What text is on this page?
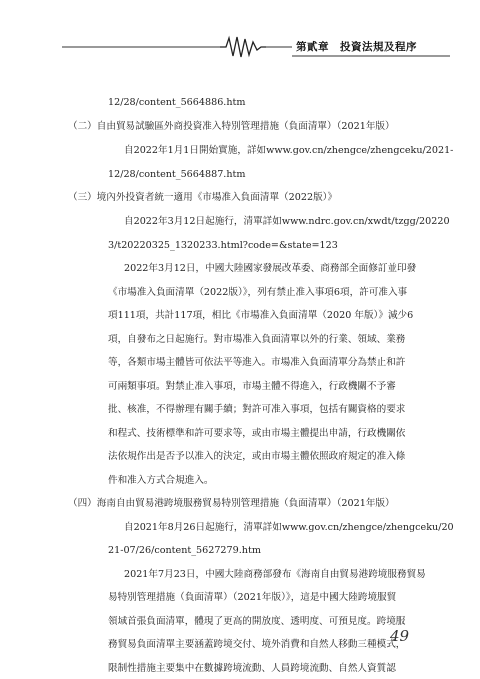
第貳章　投資法規及程序
12/28/content_5664886.htm
（二）自由貿易試驗區外商投資准入特別管理措施（負面清單）（2021年版）
自2022年1月1日開始實施，詳如www.gov.cn/zhengce/zhengceku/2021-
12/28/content_5664887.htm
（三）境內外投資者統一適用《市場准入負面清單（2022版）》
自2022年3月12日起施行，清單詳如www.ndrc.gov.cn/xwdt/tzgg/20220
3/t20220325_1320233.html?code=&state=123
2022年3月12日，中國大陸國家發展改革委、商務部全面修訂並印發
《市場准入負面清單（2022版）》，列有禁止准入事項6項，許可准入事
項111項，共計117項，相比《市場准入負面清單（2020 年版）》減少6
項，自發布之日起施行。對市場准入負面清單以外的行業、領域、業務
等，各類市場主體皆可依法平等進入。市場准入負面清單分為禁止和許
可兩類事項。對禁止准入事項，市場主體不得進入，行政機關不予審
批、核准，不得辦理有關手續；對許可准入事項，包括有關資格的要求
和程式、技術標準和許可要求等，或由市場主體提出申請，行政機關依
法依規作出是否予以准入的決定，或由市場主體依照政府規定的准入條
件和准入方式合規進入。
（四）海南自由貿易港跨境服務貿易特別管理措施（負面清單）（2021年版）
自2021年8月26日起施行，清單詳如www.gov.cn/zhengce/zhengceku/20
21-07/26/content_5627279.htm
2021年7月23日，中國大陸商務部發布《海南自由貿易港跨境服務貿易
易特別管理措施（負面清單）（2021年版）》，這是中國大陸跨境服貿
領域首張負面清單，體現了更高的開放度、透明度、可預見度。跨境服
務貿易負面清單主要涵蓋跨境交付、境外消費和自然人移動三種模式，
限制性措施主要集中在數據跨境流動、人員跨境流動、自然人資質認
49
